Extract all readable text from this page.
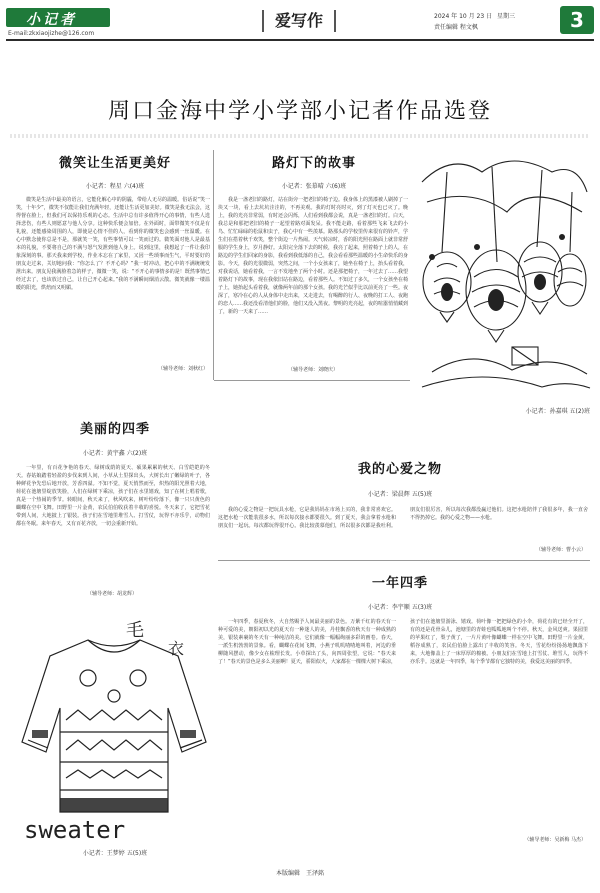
小记者
E-mail:zkxiaojizhe@126.com
爱写作	2024 年 10 月 23 日 星期三
责任编辑 程文枫	3
周口金海中学小学部小记者作品选登
微笑让生活更美好
小记者：程星 六(4)班
微笑是生活中最美的语言，它能化解心中的阴霾，带给人无尽的温暖。俗话说“笑一笑，十年少”，微笑不仅能让我们充满年轻，还能让生活更加美好。微笑是我无法会，这得督在脸上，但我们可以保持乐观的心态。生活中总有许多值得开心的事情，有些人选择悲伤，有些人则愿意与他人分享。这种快乐便会加倍。在外面时，面带微笑不仅是有礼貌，还能感染周围的人，即使是心情不佳的人，看到你的微笑也会感到一丝温暖。在心中默念使你总是不是，那就笑一笑，有些事情可以一笑而过的。微笑面对他人是最基本的礼貌，不要将自己的不满与怒气发泄到他人身上。说到这里，我想起了一件让我印象深刻的事。那天我来到学校，作业本忘在了家里，又因一些琐事而生气，平时要好的朋友走过来，关切地问我：“你怎么了？不开心吗？”我一时冲动，把心中的不满统统发泄出来。朋友见我满脸着急的样子，微微一笑，说：“不开心的事情多的是！既然事情已经过去了，也该放过自己，让自己开心起来。”我的不满瞬间烟消云散。微笑就像一缕温暖的阳光，烘焙而又明媚。
（辅导老师：刘秋红）
路灯下的故事
小记者：张慕晴 六(6)班
我是一盏老旧的路灯，站在街旁一把老旧的椅子边。我身体上的黑漆被人刷掉了一块又一块，看上去坑坑洼洼的，不再美观。我的灯时亮时灭，到了灯灭也已灭了。晚上，我的光亮非常弱，有时还会闪烁，人们看到我都会说，真是一盏老旧的灯。白天，我总是和那把老旧的椅子一起望着路对面发呆。我不能走路，看着那些飞来飞去的小鸟、忙忙碌碌的松鼠和虫子，我心中有一些羡慕。路那头的学校里传来很有的铃声，学生们在搭着秋千欢笑，整个街边一片热闹。天气转凉时，香的阳光照在路面上就非常舒服的学生身上，岁月静好。太阳完全落下去的时候，我亮了起来，照着椅子上的人，在路边的学生们回家的身影，我看到我低落的自己，我会看看那些温暖的小生命快乐的身影。今天，我的光很微弱，突然之间，一个小女孩来了，她坐在椅子上，抬头看着我，对我说话，她看着我，一言不发地坐了两个小时。还是那把椅子，一年过去了……我望着路灯下的故事，现在我依旧站在路边，看着那些人。不知过了多久，一个女孩坐在椅子上，她抬起头看着我，就像两年前的那个女孩。我的光芒似乎比以前更亮了一些。夜深了，寒冷在心的人从身体中走出来，又走进去，有喝醉的行人、夜晚的打工人、夜跑的恋人……我还没看清他们的脸，他们又没入黑夜。黎明的光亮起，夜的喧嚣悄悄藏到了，新的一天来了……
（辅导老师：刘晓庆）
小记者：孙嘉琪 五(2)班
美丽的四季
小记者：黄宇鑫 六(2)班
一年里，有百花争艳的春天、绿树成荫的夏天、硕果累累的秋天、白雪皑皑的冬天。春姑娘踏着轻盈的步伐来到人间，小草从土里探出头，大树长出了嫩绿的叶子，各种鲜花争先恐后地开放，芳香四溢。不知不觉，夏天悄然而至，炽热的阳光照着大地，荷花在池塘里绽放笑脸，人们在绿树下乘凉，孩子们在水里嬉戏，知了在树上唱着歌，真是一个热闹的季节。转眼间，秋天来了，秋风吹来，树叶纷纷落下，像一只只黄色的蝴蝶在空中飞舞。田野里一片金黄，农民伯伯收获着丰收的喜悦。冬天来了，它把雪花带到人间，大地披上了银装。孩子们在雪地里堆雪人、打雪仗，玩得不亦乐乎，动物们都在冬眠。来年春天，又有百花齐放，一切会重新开始。
（辅导老师：胡龙辉）
我的心爱之物
小记者：梁晨辉 五(5)班
我的心爱之物是一把玩具水枪，它是我妈妈在市场上买的，我非常喜欢它。这把水枪一次能装很多水，所以每次接水都要很久。到了夏天，我会拿着水枪和朋友们一起玩。每次都玩得很开心。我比较羡慕他们，所以很多次都是我吐利。朋友们很厉害，所以每次我都没赢过他们。这把水枪陪伴了我很多年，我一直舍不得扔掉它。我的心爱之物——水枪。
（辅导老师：曹小云）
毛
衣
sweater
小记者：王梦婷 五(5)班
一年四季
小记者：李宇顺 五(3)班
一年四季，春夏秋冬，大自然赐予人间最美丽的景色。万紫千红的春天有一种可爱的美，朝阳初以光的夏天有一种迷人的美，丹桂飘香的秋天有一种成熟的美，银装素裹的冬天有一种纯洁的美。它们就像一幅幅绚丽多彩的画卷。春天，一派生机勃勃的景象。看，蝴蝶在花间飞舞，小燕子叽叽喳喳地叫着，河边的垂柳随风摆动，像少女在梳理长发。小草探出了头，向四周张望，它说：“春天来了！”春天的景色是多么美丽啊！夏天，骄阳似火，大家都在一棵棵大树下乘凉，孩子们在池塘里游泳、嬉戏。荷叶像一把把绿色的小伞，荷花有的已经全开了，有的还是花骨朵儿，池塘里的青蛙也呱呱地叫个不停。秋天，金风送爽。果园里的苹果红了，梨子黄了，一片片黄叶像蝴蝶一样在空中飞舞。田野里一片金黄，稻谷成熟了，农民伯伯脸上露出了丰收的笑容。冬天，雪花纷纷扬扬地飘落下来，大地像盖上了一床厚厚的棉被。小朋友们在雪地上打雪仗、堆雪人，玩得不亦乐乎。这就是一年四季，每个季节都有它独特的美，我爱这美丽的四季。
（辅导老师：吴新梅 马杰）
本版编辑　王泽銘
